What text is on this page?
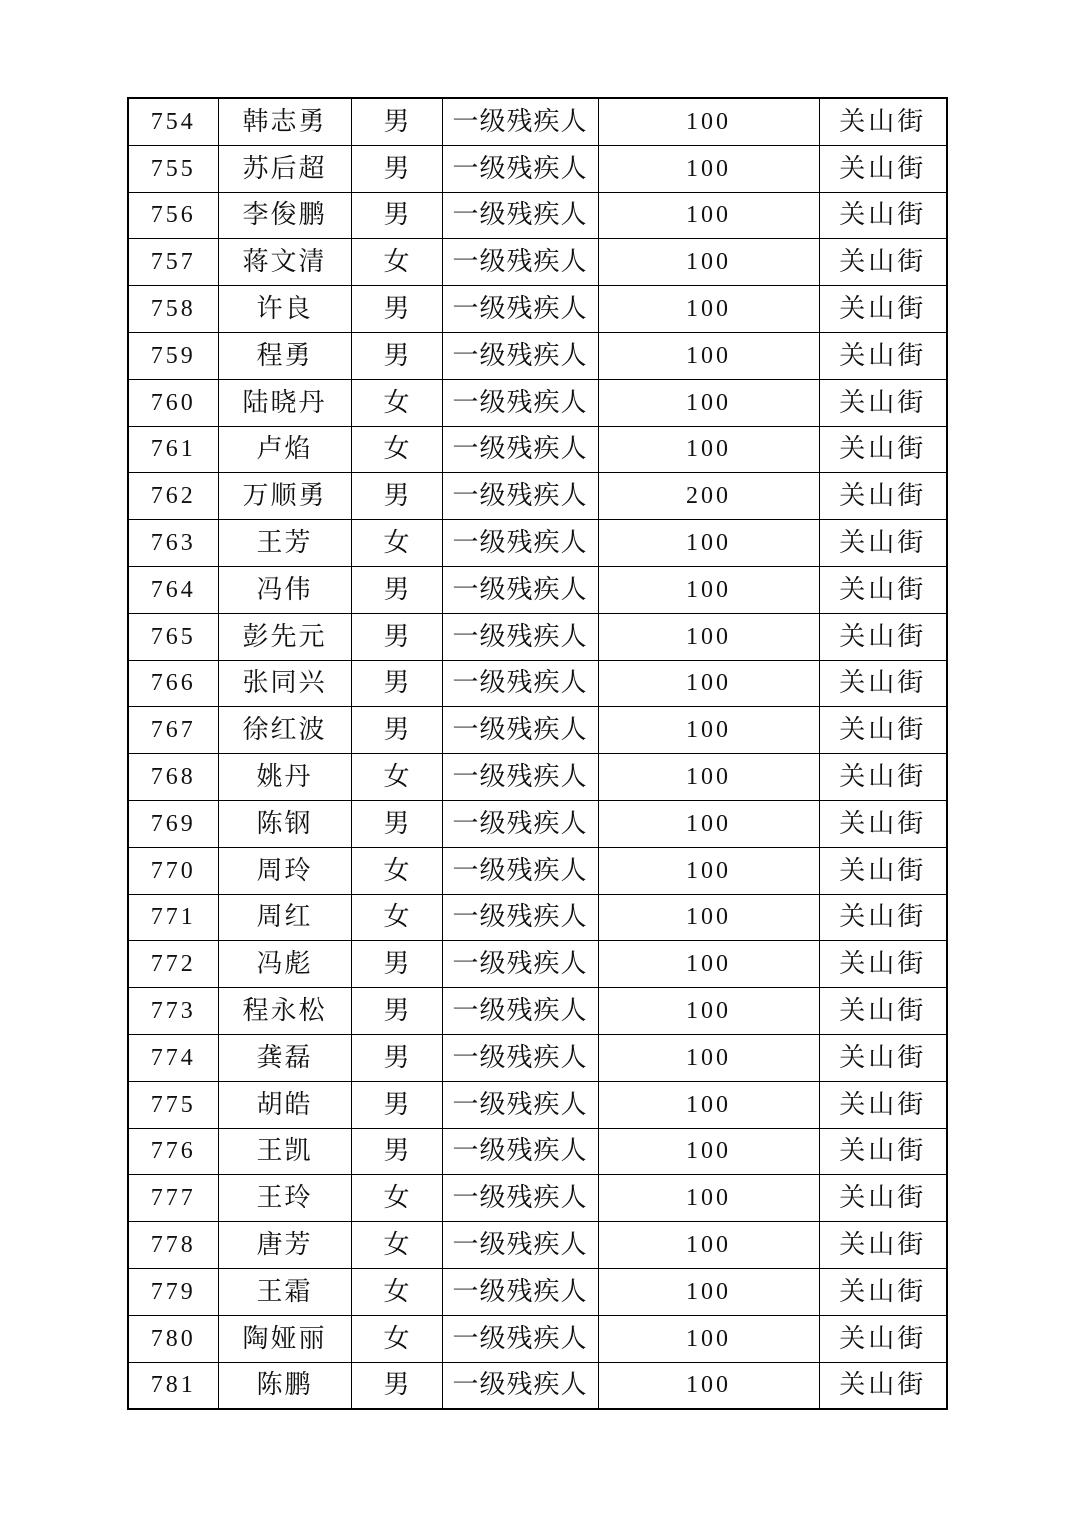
754	韩志勇	男	一级残疾人	100	关山街
755	苏后超	男	一级残疾人	100	关山街
756	李俊鹏	男	一级残疾人	100	关山街
757	蒋文清	女	一级残疾人	100	关山街
758	许良	男	一级残疾人	100	关山街
759	程勇	男	一级残疾人	100	关山街
760	陆晓丹	女	一级残疾人	100	关山街
761	卢焰	女	一级残疾人	100	关山街
762	万顺勇	男	一级残疾人	200	关山街
763	王芳	女	一级残疾人	100	关山街
764	冯伟	男	一级残疾人	100	关山街
765	彭先元	男	一级残疾人	100	关山街
766	张同兴	男	一级残疾人	100	关山街
767	徐红波	男	一级残疾人	100	关山街
768	姚丹	女	一级残疾人	100	关山街
769	陈钢	男	一级残疾人	100	关山街
770	周玲	女	一级残疾人	100	关山街
771	周红	女	一级残疾人	100	关山街
772	冯彪	男	一级残疾人	100	关山街
773	程永松	男	一级残疾人	100	关山街
774	龚磊	男	一级残疾人	100	关山街
775	胡皓	男	一级残疾人	100	关山街
776	王凯	男	一级残疾人	100	关山街
777	王玲	女	一级残疾人	100	关山街
778	唐芳	女	一级残疾人	100	关山街
779	王霜	女	一级残疾人	100	关山街
780	陶娅丽	女	一级残疾人	100	关山街
781	陈鹏	男	一级残疾人	100	关山街
